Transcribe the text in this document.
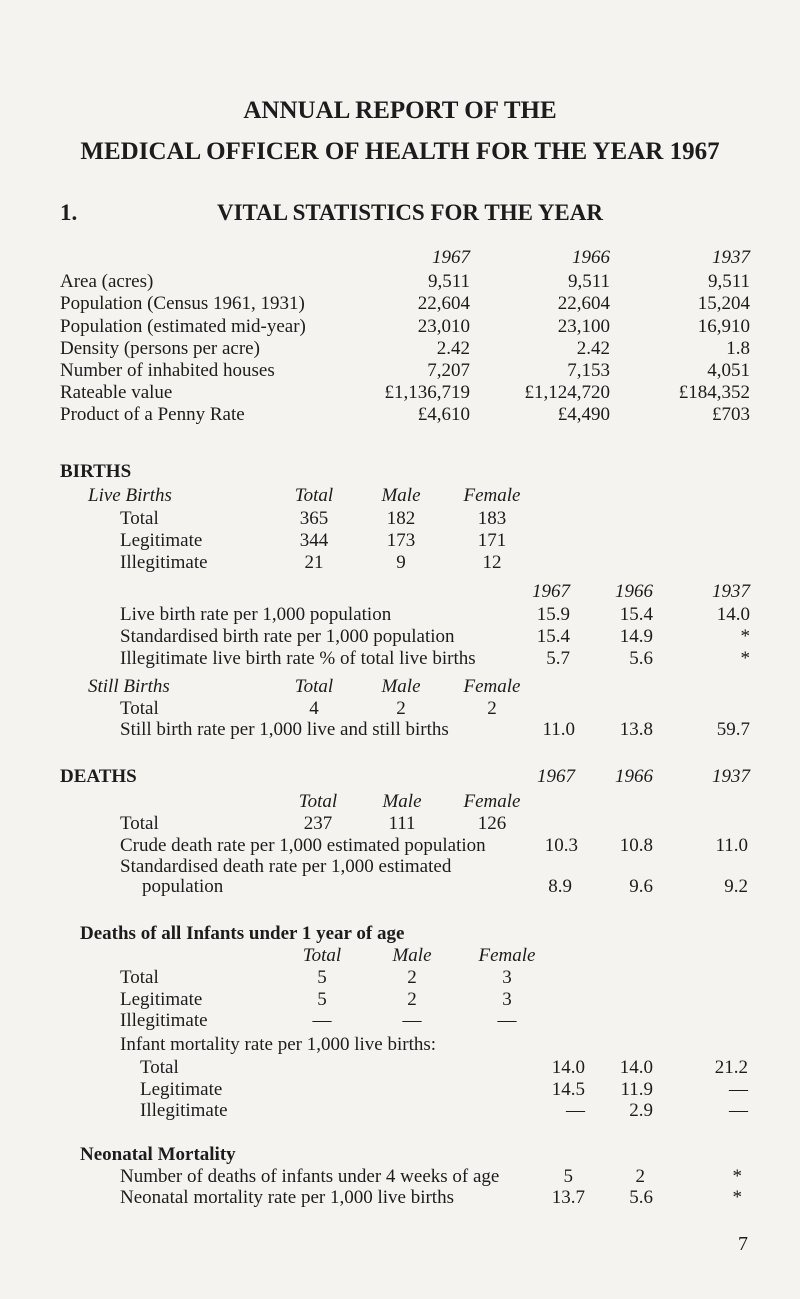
ANNUAL REPORT OF THE
MEDICAL OFFICER OF HEALTH FOR THE YEAR 1967
1.	VITAL STATISTICS FOR THE YEAR
1967	1966	1937
Area (acres)	9,511	9,511	9,511
Population (Census 1961, 1931)	22,604	22,604	15,204
Population (estimated mid-year)	23,010	23,100	16,910
Density (persons per acre)	2.42	2.42	1.8
Number of inhabited houses	7,207	7,153	4,051
Rateable value	£1,136,719	£1,124,720	£184,352
Product of a Penny Rate	£4,610	£4,490	£703
BIRTHS
Live Births	Total	Male Female
Total	365	182	183
Legitimate	344	173	171
Illegitimate	21	9	12
1967 1966	1937
Live birth rate per 1,000 population	15.9	15.4	14.0
Standardised birth rate per 1,000 population	15.4	14.9	*
Illegitimate live birth rate % of total live births	5.7	5.6	*
Still Births	Total	Male Female
Total	4	2	2
Still birth rate per 1,000 live and still births	11.0 13.8	59.7
DEATHS	1967 1966	1937
Total Male Female
Total	237	111	126
Crude death rate per 1,000 estimated population	10.3 10.8	11.0
Standardised death rate per 1,000 estimated
population	8.9	9.6	9.2
Deaths of all Infants under 1 year of age
Total	Male Female
Total	5	2	3
Legitimate	5	2	3
Illegitimate	—	—	—
Infant mortality rate per 1,000 live births:
Total	14.0 14.0	21.2
Legitimate	14.5 11.9	—
Illegitimate	— 2.9	—
Neonatal Mortality
Number of deaths of infants under 4 weeks of age	5	2	*
Neonatal mortality rate per 1,000 live births	13.7 5.6	*
7
